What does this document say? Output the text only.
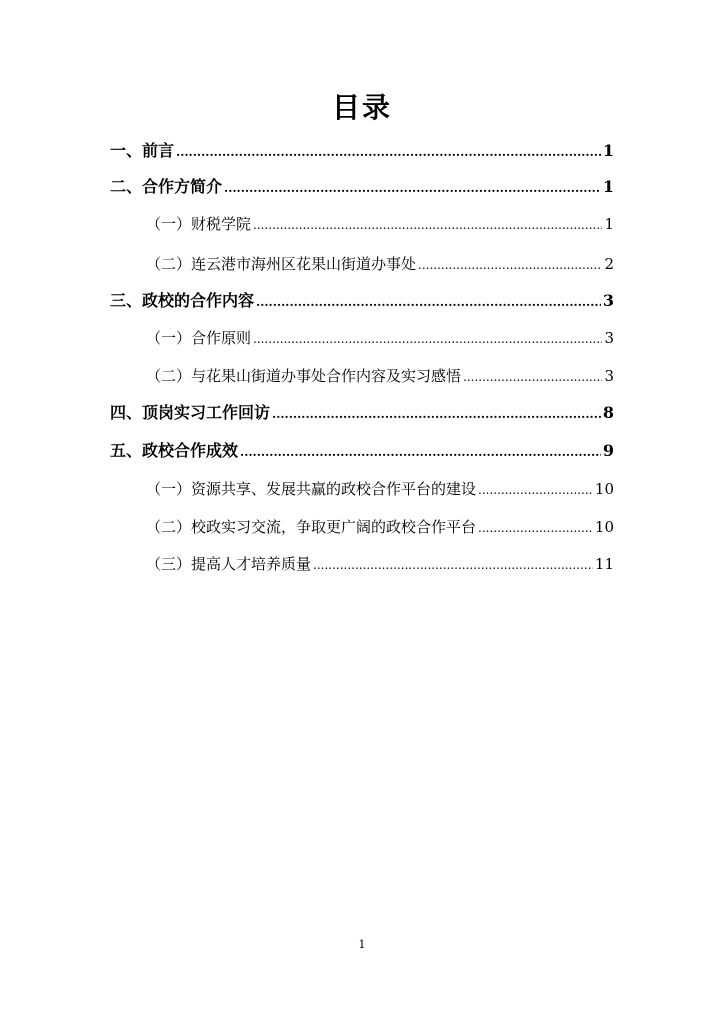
目录
一、前言 .....	1
二、合作方简介 .....	1
（一）财税学院 .....	1
（二）连云港市海州区花果山街道办事处 .....	2
三、政校的合作内容 .....	3
（一）合作原则 .....	3
（二）与花果山街道办事处合作内容及实习感悟 .....	3
四、顶岗实习工作回访 .....	8
五、政校合作成效 .....	9
（一）资源共享、发展共赢的政校合作平台的建设 .....	10
（二）校政实习交流，争取更广阔的政校合作平台 .....	10
（三）提高人才培养质量 .....	11
1
